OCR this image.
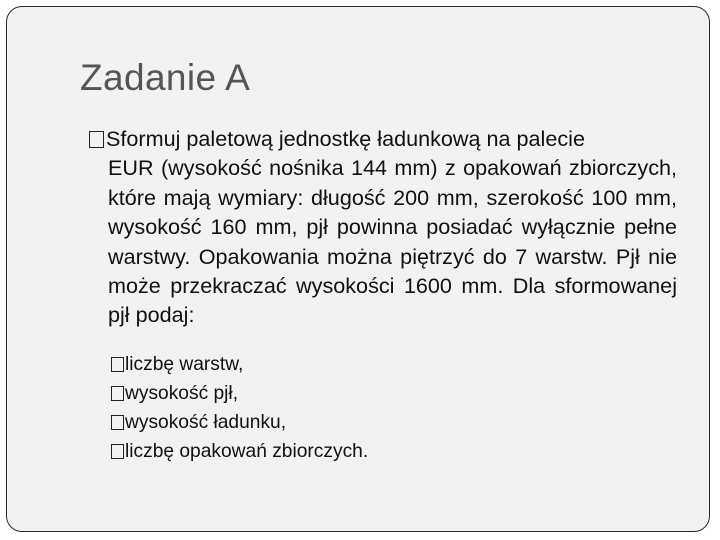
Zadanie A
Sformuj paletową jednostkę ładunkową na palecie
EUR (wysokość nośnika 144 mm) z opakowań zbiorczych, które mają wymiary: długość 200 mm, szerokość 100 mm, wysokość 160 mm, pjł powinna posiadać wyłącznie pełne warstwy. Opakowania można piętrzyć do 7 warstw. Pjł nie może przekraczać wysokości 1600 mm. Dla sformowanej pjł podaj:
liczbę warstw,
wysokość pjł,
wysokość ładunku,
liczbę opakowań zbiorczych.
